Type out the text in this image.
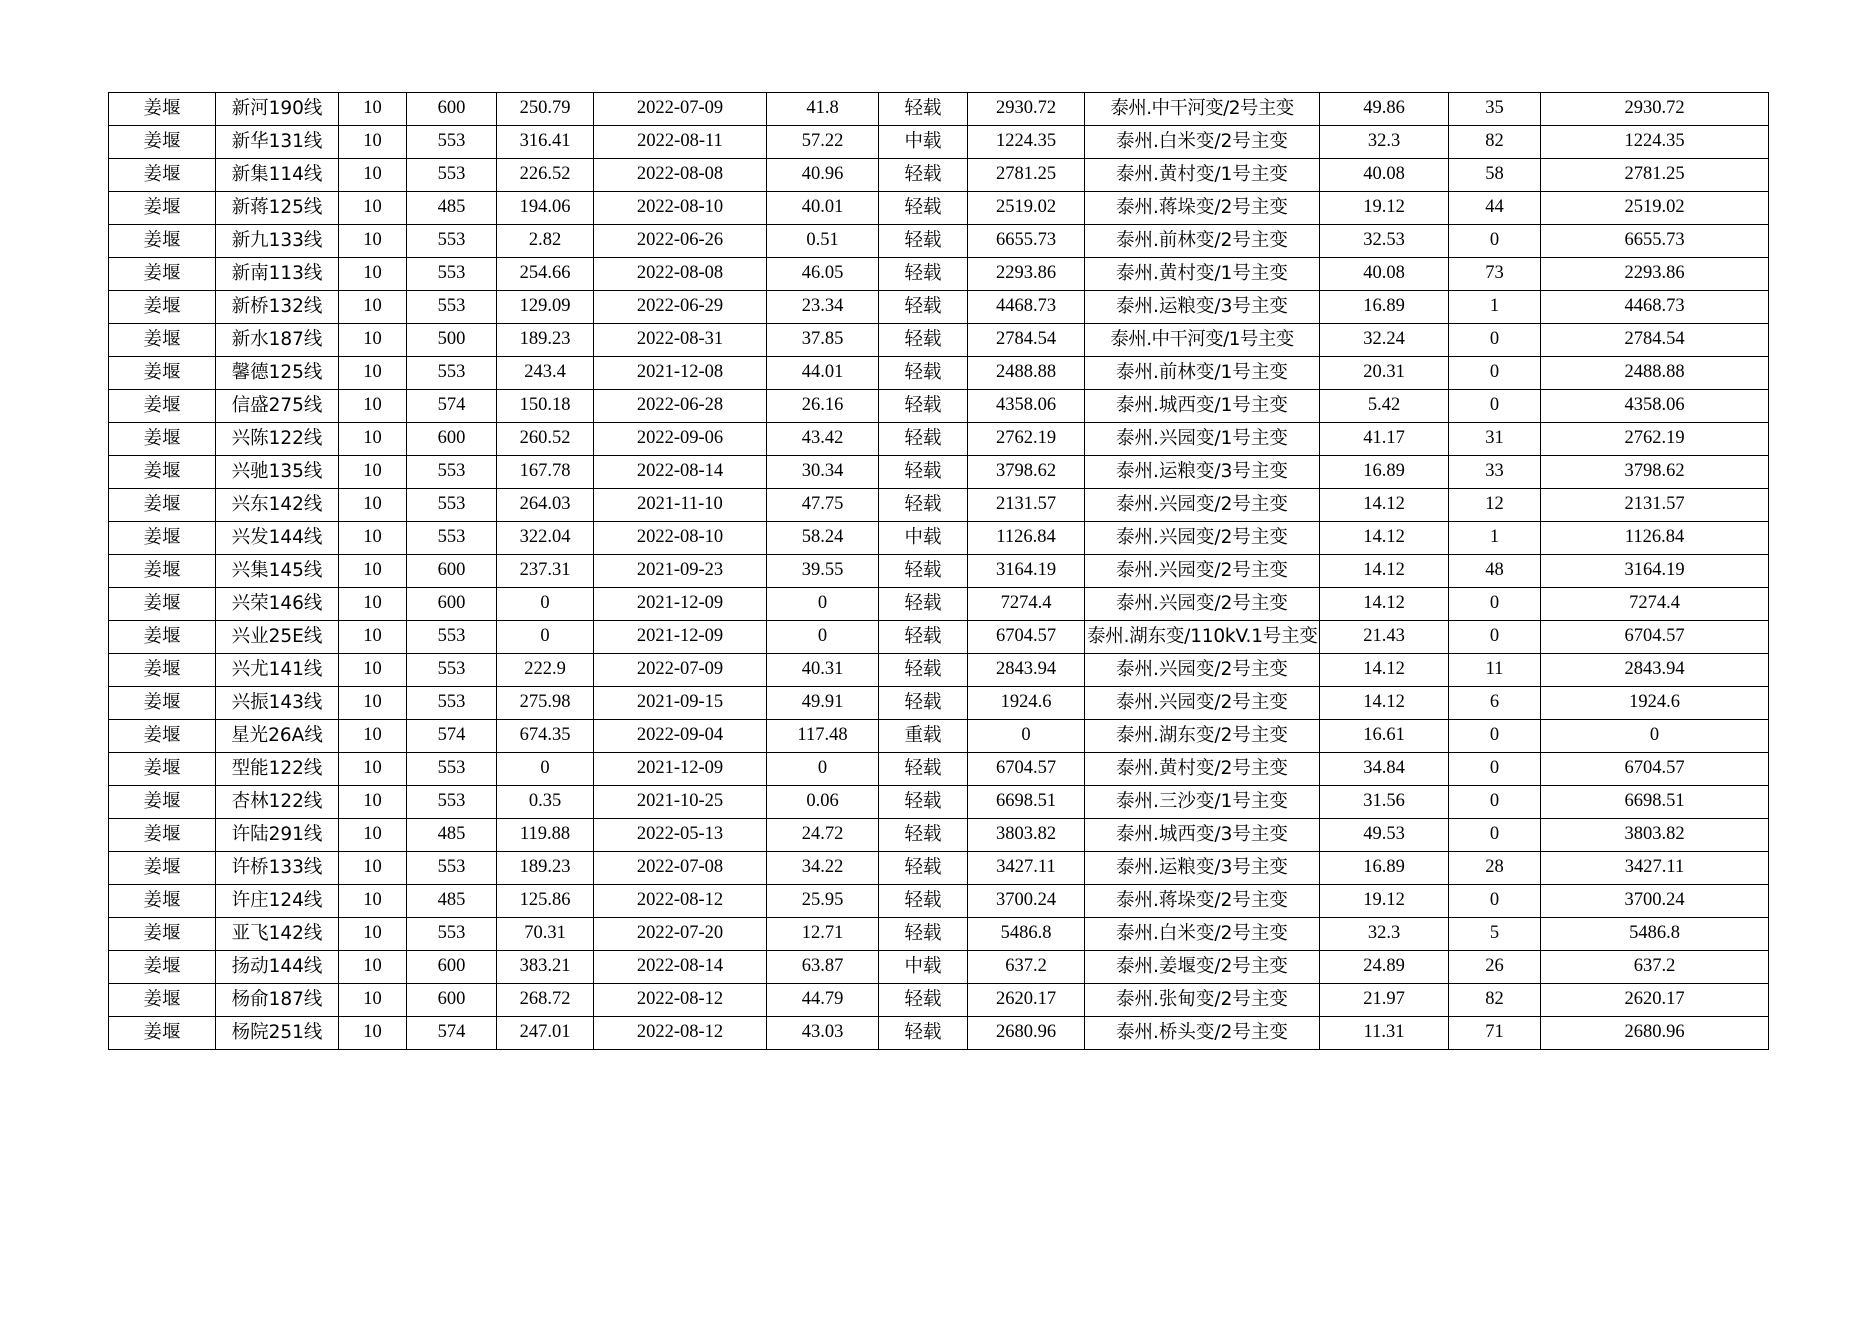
姜堰	新河190线	10	600	250.79	2022-07-09	41.8	轻载	2930.72	泰州.中干河变/2号主变	49.86	35	2930.72
姜堰	新华131线	10	553	316.41	2022-08-11	57.22	中载	1224.35	泰州.白米变/2号主变	32.3	82	1224.35
姜堰	新集114线	10	553	226.52	2022-08-08	40.96	轻载	2781.25	泰州.黄村变/1号主变	40.08	58	2781.25
姜堰	新蒋125线	10	485	194.06	2022-08-10	40.01	轻载	2519.02	泰州.蒋垛变/2号主变	19.12	44	2519.02
姜堰	新九133线	10	553	2.82	2022-06-26	0.51	轻载	6655.73	泰州.前林变/2号主变	32.53	0	6655.73
姜堰	新南113线	10	553	254.66	2022-08-08	46.05	轻载	2293.86	泰州.黄村变/1号主变	40.08	73	2293.86
姜堰	新桥132线	10	553	129.09	2022-06-29	23.34	轻载	4468.73	泰州.运粮变/3号主变	16.89	1	4468.73
姜堰	新水187线	10	500	189.23	2022-08-31	37.85	轻载	2784.54	泰州.中干河变/1号主变	32.24	0	2784.54
姜堰	馨德125线	10	553	243.4	2021-12-08	44.01	轻载	2488.88	泰州.前林变/1号主变	20.31	0	2488.88
姜堰	信盛275线	10	574	150.18	2022-06-28	26.16	轻载	4358.06	泰州.城西变/1号主变	5.42	0	4358.06
姜堰	兴陈122线	10	600	260.52	2022-09-06	43.42	轻载	2762.19	泰州.兴园变/1号主变	41.17	31	2762.19
姜堰	兴驰135线	10	553	167.78	2022-08-14	30.34	轻载	3798.62	泰州.运粮变/3号主变	16.89	33	3798.62
姜堰	兴东142线	10	553	264.03	2021-11-10	47.75	轻载	2131.57	泰州.兴园变/2号主变	14.12	12	2131.57
姜堰	兴发144线	10	553	322.04	2022-08-10	58.24	中载	1126.84	泰州.兴园变/2号主变	14.12	1	1126.84
姜堰	兴集145线	10	600	237.31	2021-09-23	39.55	轻载	3164.19	泰州.兴园变/2号主变	14.12	48	3164.19
姜堰	兴荣146线	10	600	0	2021-12-09	0	轻载	7274.4	泰州.兴园变/2号主变	14.12	0	7274.4
姜堰	兴业25E线	10	553	0	2021-12-09	0	轻载	6704.57	泰州.湖东变/110kV.1号主变	21.43	0	6704.57
姜堰	兴尤141线	10	553	222.9	2022-07-09	40.31	轻载	2843.94	泰州.兴园变/2号主变	14.12	11	2843.94
姜堰	兴振143线	10	553	275.98	2021-09-15	49.91	轻载	1924.6	泰州.兴园变/2号主变	14.12	6	1924.6
姜堰	星光26A线	10	574	674.35	2022-09-04	117.48	重载	0	泰州.湖东变/2号主变	16.61	0	0
姜堰	型能122线	10	553	0	2021-12-09	0	轻载	6704.57	泰州.黄村变/2号主变	34.84	0	6704.57
姜堰	杏林122线	10	553	0.35	2021-10-25	0.06	轻载	6698.51	泰州.三沙变/1号主变	31.56	0	6698.51
姜堰	许陆291线	10	485	119.88	2022-05-13	24.72	轻载	3803.82	泰州.城西变/3号主变	49.53	0	3803.82
姜堰	许桥133线	10	553	189.23	2022-07-08	34.22	轻载	3427.11	泰州.运粮变/3号主变	16.89	28	3427.11
姜堰	许庄124线	10	485	125.86	2022-08-12	25.95	轻载	3700.24	泰州.蒋垛变/2号主变	19.12	0	3700.24
姜堰	亚飞142线	10	553	70.31	2022-07-20	12.71	轻载	5486.8	泰州.白米变/2号主变	32.3	5	5486.8
姜堰	扬动144线	10	600	383.21	2022-08-14	63.87	中载	637.2	泰州.姜堰变/2号主变	24.89	26	637.2
姜堰	杨俞187线	10	600	268.72	2022-08-12	44.79	轻载	2620.17	泰州.张甸变/2号主变	21.97	82	2620.17
姜堰	杨院251线	10	574	247.01	2022-08-12	43.03	轻载	2680.96	泰州.桥头变/2号主变	11.31	71	2680.96
